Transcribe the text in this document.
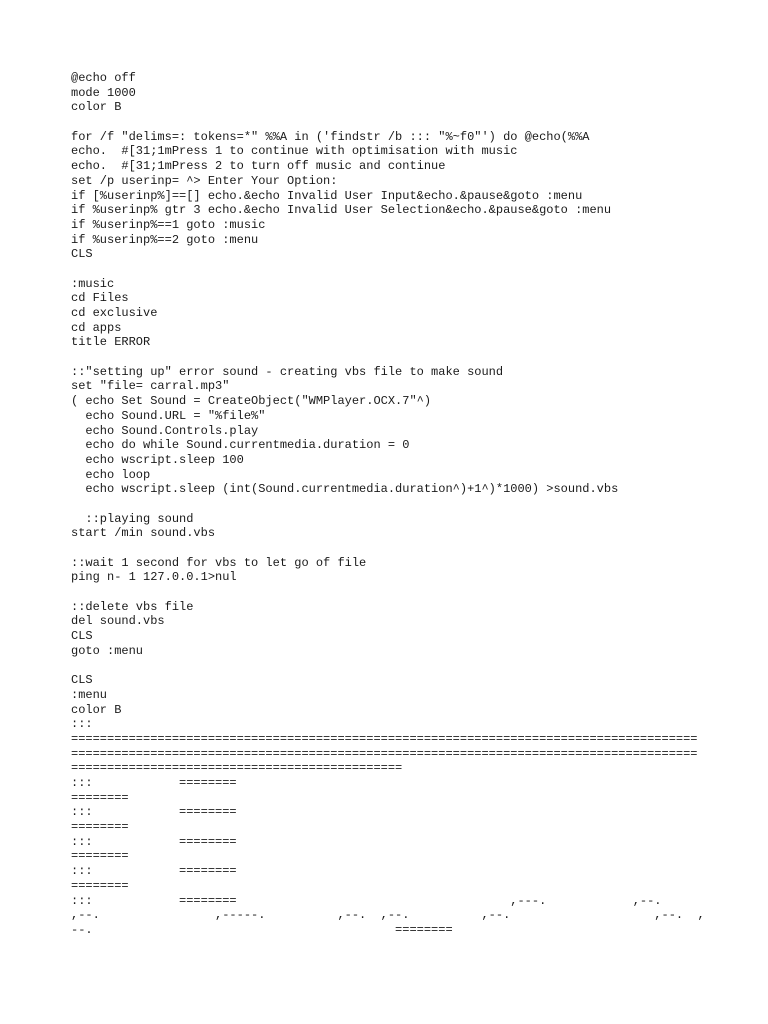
@echo off
mode 1000
color B
for /f "delims=: tokens=*" %%A in ('findstr /b ::: "%~f0"') do @echo(%%A
echo.  #[31;1mPress 1 to continue with optimisation with music
echo.  #[31;1mPress 2 to turn off music and continue
set /p userinp= ^> Enter Your Option:
if [%userinp%]==[] echo.&echo Invalid User Input&echo.&pause&goto :menu
if %userinp% gtr 3 echo.&echo Invalid User Selection&echo.&pause&goto :menu
if %userinp%==1 goto :music
if %userinp%==2 goto :menu
CLS
:music
cd Files
cd exclusive
cd apps
title ERROR
::"setting up" error sound - creating vbs file to make sound
set "file= carral.mp3"
( echo Set Sound = CreateObject("WMPlayer.OCX.7"^)
echo Sound.URL = "%file%"
echo Sound.Controls.play
echo do while Sound.currentmedia.duration = 0
echo wscript.sleep 100
echo loop
echo wscript.sleep (int(Sound.currentmedia.duration^)+1^)*1000) >sound.vbs
::playing sound
start /min sound.vbs
::wait 1 second for vbs to let go of file
ping n- 1 127.0.0.1>nul
::delete vbs file
del sound.vbs
CLS
goto :menu
CLS
:menu
color B
:::
=======================================================================================
=======================================================================================
==============================================
:::            ========
========
:::            ========
========
:::            ========
========
:::            ========
========
:::            ========                                      ,---.            ,--.
,--.                ,-----.          ,--.  ,--.          ,--.                    ,--.  ,
--.                                          ========
